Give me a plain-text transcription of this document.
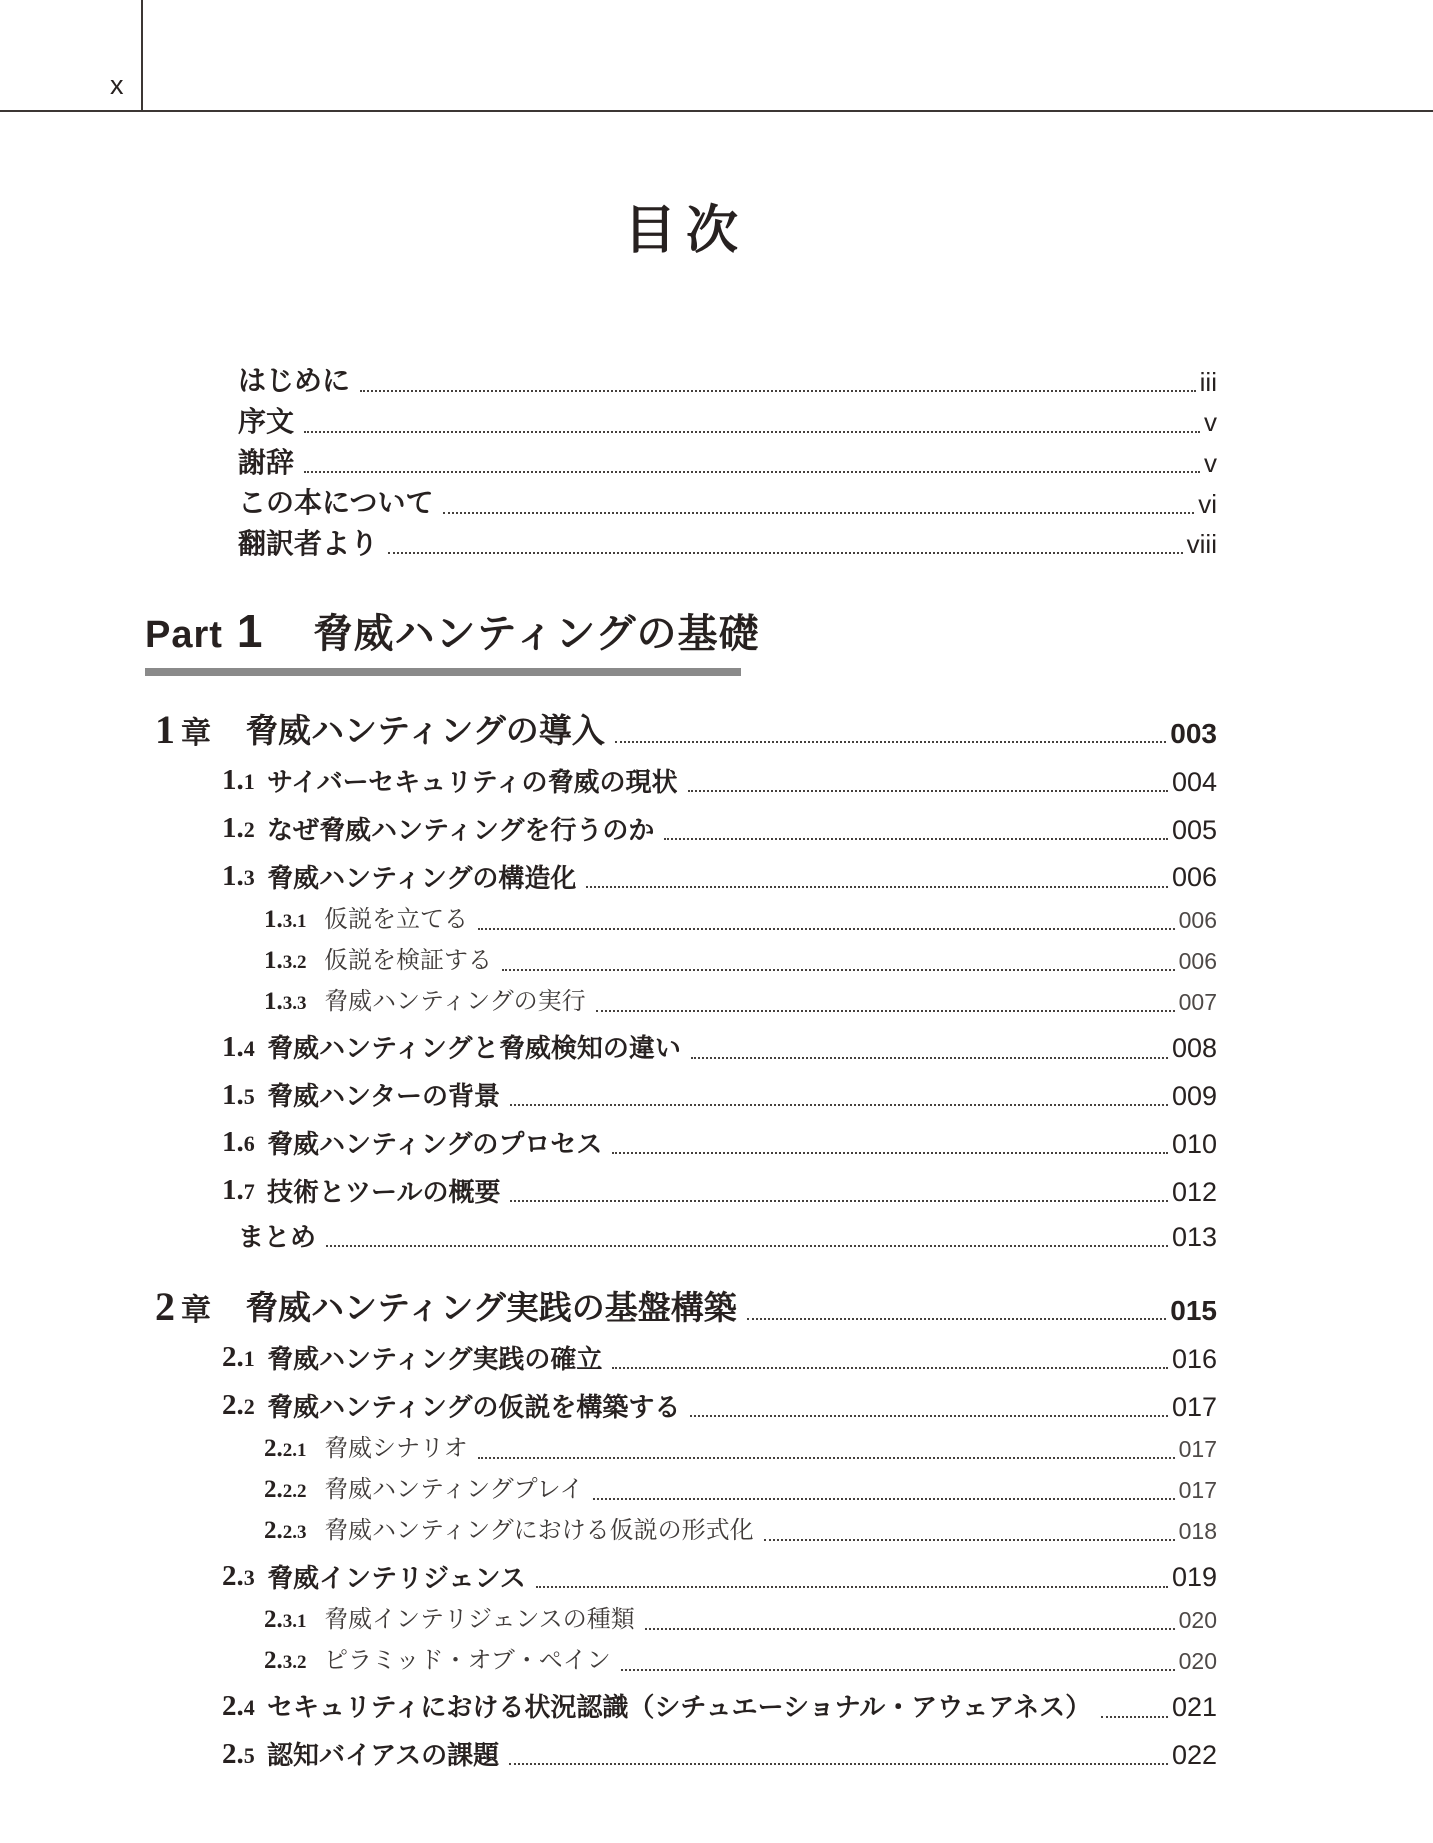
x
目次
はじめに	iii
序文	v
謝辞	v
この本について	vi
翻訳者より	viii
Part 1 脅威ハンティングの基礎
1 章 脅威ハンティングの導入	003
1.1 サイバーセキュリティの脅威の現状	004
1.2 なぜ脅威ハンティングを行うのか	005
1.3 脅威ハンティングの構造化	006
1.3.1 仮説を立てる	006
1.3.2 仮説を検証する	006
1.3.3 脅威ハンティングの実行	007
1.4 脅威ハンティングと脅威検知の違い	008
1.5 脅威ハンターの背景	009
1.6 脅威ハンティングのプロセス	010
1.7 技術とツールの概要	012
まとめ	013
2 章 脅威ハンティング実践の基盤構築	015
2.1 脅威ハンティング実践の確立	016
2.2 脅威ハンティングの仮説を構築する	017
2.2.1 脅威シナリオ	017
2.2.2 脅威ハンティングプレイ	017
2.2.3 脅威ハンティングにおける仮説の形式化	018
2.3 脅威インテリジェンス	019
2.3.1 脅威インテリジェンスの種類	020
2.3.2 ピラミッド・オブ・ペイン	020
2.4 セキュリティにおける状況認識（シチュエーショナル・アウェアネス）	021
2.5 認知バイアスの課題	022
